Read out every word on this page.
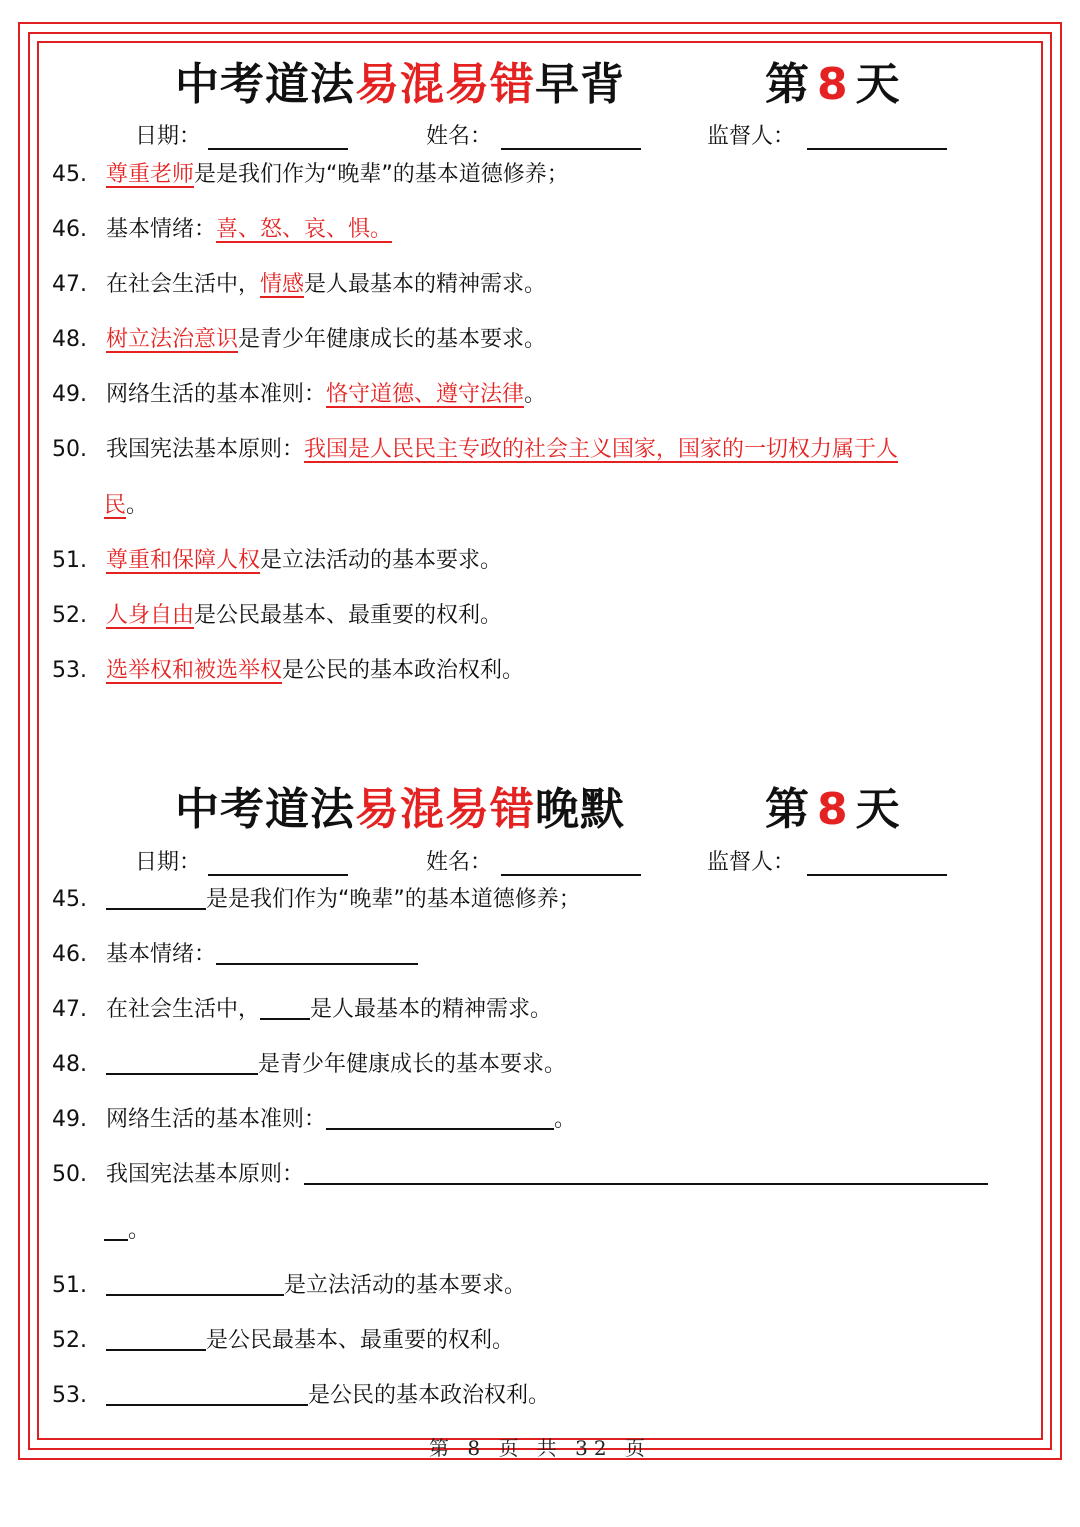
中考道法易混易错早背	第 8 天
日期：	姓名：	监督人：
45. 尊重老师是是我们作为“晚辈”的基本道德修养；
46. 基本情绪：喜、怒、哀、惧。
47. 在社会生活中，情感是人最基本的精神需求。
48. 树立法治意识是青少年健康成长的基本要求。
49. 网络生活的基本准则：恪守道德、遵守法律。
50. 我国宪法基本原则：我国是人民民主专政的社会主义国家，国家的一切权力属于人
民。
51. 尊重和保障人权是立法活动的基本要求。
52. 人身自由是公民最基本、最重要的权利。
53. 选举权和被选举权是公民的基本政治权利。
中考道法易混易错晚默	第 8 天
日期：	姓名：	监督人：
45.	是是我们作为“晚辈”的基本道德修养；
46. 基本情绪：
47. 在社会生活中， 是人最基本的精神需求。
48.	是青少年健康成长的基本要求。
49. 网络生活的基本准则：	。
50. 我国宪法基本原则：
。
51.	是立法活动的基本要求。
52.	是公民最基本、最重要的权利。
53.	是公民的基本政治权利。
第 8 页 共 32 页
